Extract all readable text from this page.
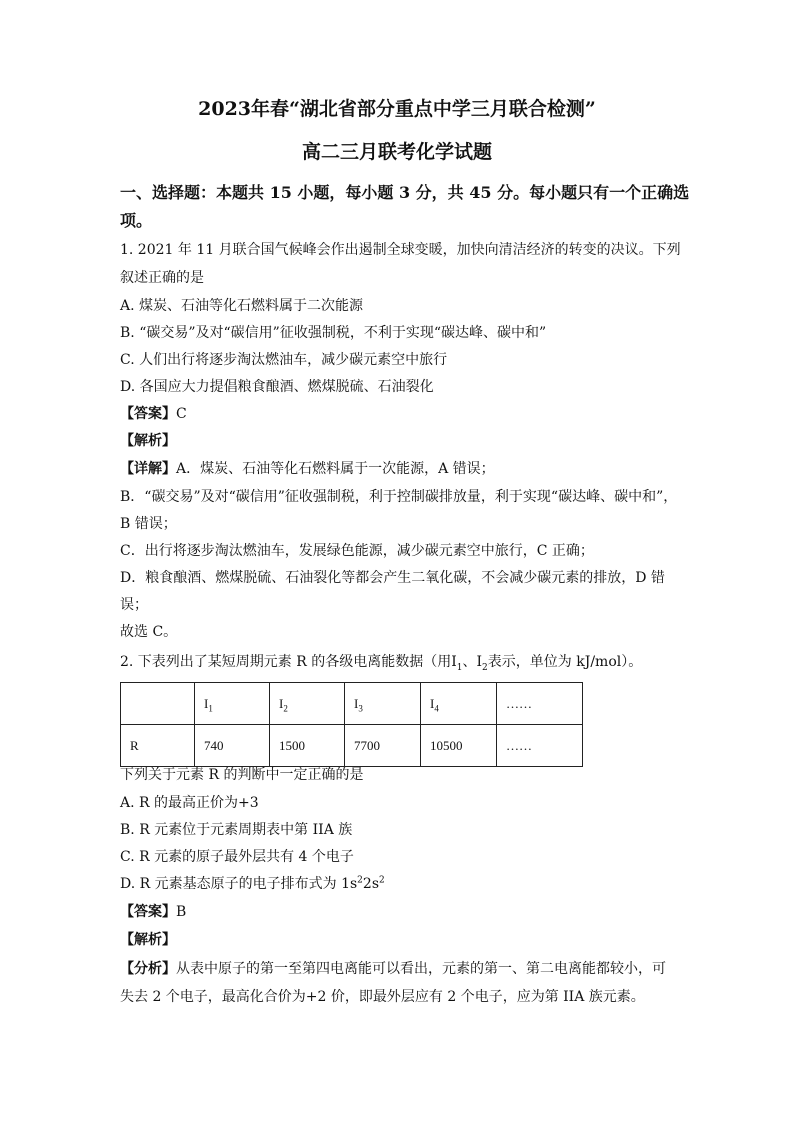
2023年春“湖北省部分重点中学三月联合检测”
高二三月联考化学试题
一、选择题：本题共 15 小题，每小题 3 分，共 45 分。每小题只有一个正确选
项。
1. 2021 年 11 月联合国气候峰会作出遏制全球变暖，加快向清洁经济的转变的决议。下列
叙述正确的是
A. 煤炭、石油等化石燃料属于二次能源
B. “碳交易”及对“碳信用”征收强制税，不利于实现“碳达峰、碳中和”
C. 人们出行将逐步淘汰燃油车，减少碳元素空中旅行
D. 各国应大力提倡粮食酿酒、燃煤脱硫、石油裂化
【答案】C
【解析】
【详解】A．煤炭、石油等化石燃料属于一次能源，A 错误；
B．“碳交易”及对“碳信用”征收强制税，利于控制碳排放量，利于实现“碳达峰、碳中和”，
B 错误；
C．出行将逐步淘汰燃油车，发展绿色能源，减少碳元素空中旅行，C 正确；
D．粮食酿酒、燃煤脱硫、石油裂化等都会产生二氧化碳，不会减少碳元素的排放，D 错
误；
故选 C。
2. 下表列出了某短周期元素 R 的各级电离能数据（用$I_1$、$I_2$表示，单位为 kJ/mol）。
	$I_1$	$I_2$	$I_3$	$I_4$	……
R	740	1500	7700	10500	……
下列关于元素 R 的判断中一定正确的是
A. R 的最高正价为+3
B. R 元素位于元素周期表中第 IIA 族
C. R 元素的原子最外层共有 4 个电子
D. R 元素基态原子的电子排布式为 $1s^22s^2$
【答案】B
【解析】
【分析】从表中原子的第一至第四电离能可以看出，元素的第一、第二电离能都较小，可
失去 2 个电子，最高化合价为+2 价，即最外层应有 2 个电子，应为第 IIA 族元素。
